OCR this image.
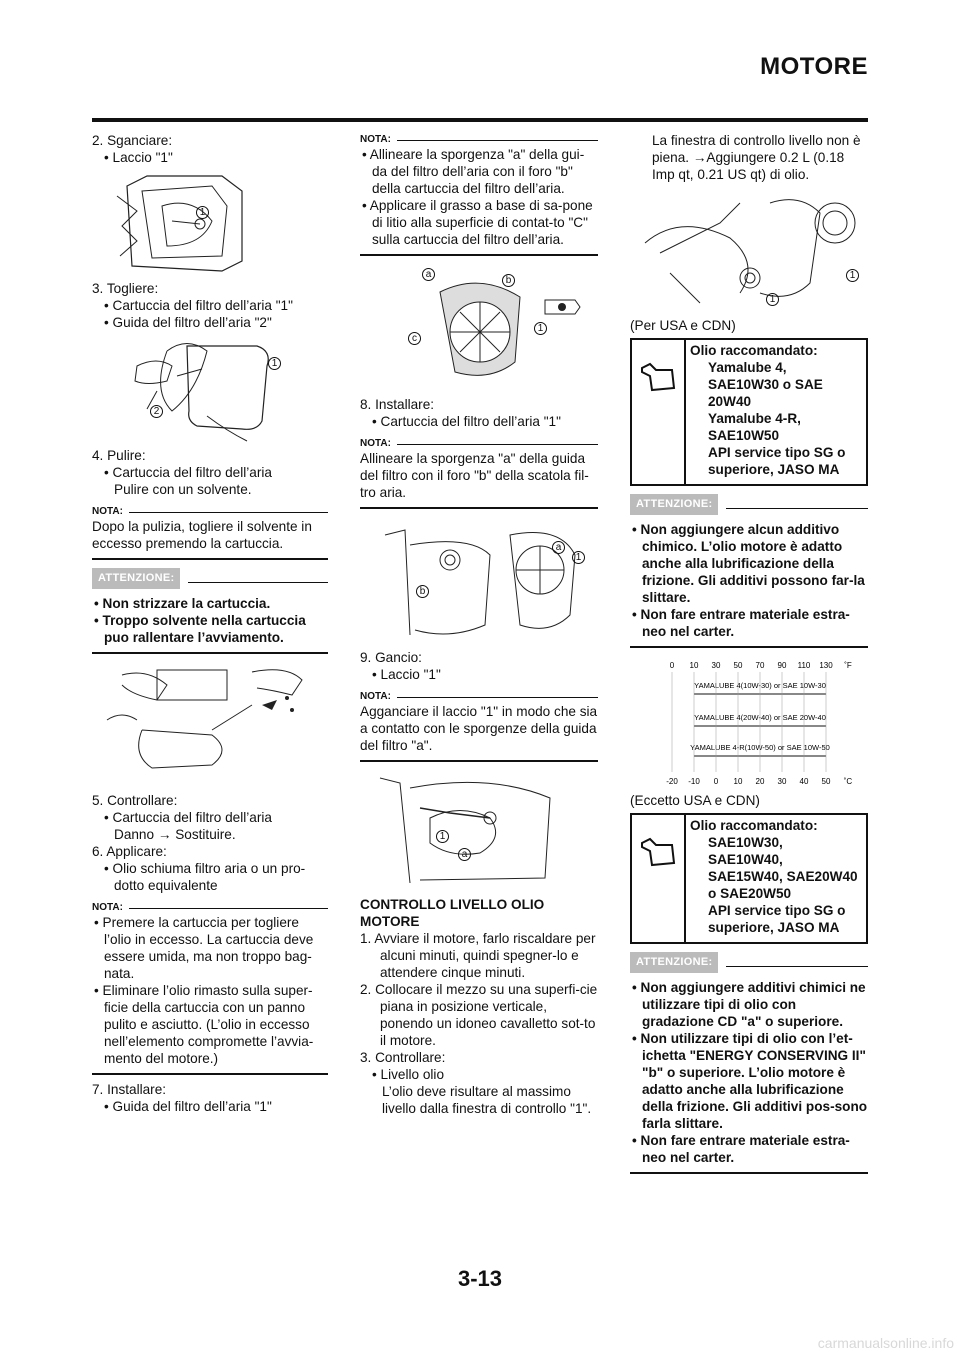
MOTORE

2. Sganciare:

• Laccio "1"

1

3. Togliere:

• Cartuccia del filtro dell’aria "1"

• Guida del filtro dell’aria "2"

1
2

4. Pulire:

• Cartuccia del filtro dell’aria

Pulire con un solvente.

NOTA:

Dopo la pulizia, togliere il solvente in eccesso premendo la cartuccia.

ATTENZIONE:

• Non strizzare la cartuccia.

• Troppo solvente nella cartuccia puo rallentare l’avviamento.

5. Controllare:

• Cartuccia del filtro dell’aria

Danno → Sostituire.

6. Applicare:

• Olio schiuma filtro aria o un pro-dotto equivalente

NOTA:

• Premere la cartuccia per togliere l’olio in eccesso. La cartuccia deve essere umida, ma non troppo bag-nata.

• Eliminare l’olio rimasto sulla super-ficie della cartuccia con un panno pulito e asciutto. (L’olio in eccesso nell’elemento compromette l’avvia-mento del motore.)

7. Installare:

• Guida del filtro dell’aria "1"

NOTA:

• Allineare la sporgenza "a" della gui-da del filtro dell’aria con il foro "b" della cartuccia del filtro dell’aria.

• Applicare il grasso a base di sa-pone di litio alla superficie di contat-to "C" sulla cartuccia del filtro dell’aria.

a
b
c
1

8. Installare:

• Cartuccia del filtro dell’aria "1"

NOTA:

Allineare la sporgenza "a" della guida del filtro con il foro "b" della scatola fil-tro aria.

a
1
b

9. Gancio:

• Laccio "1"

NOTA:

Agganciare il laccio "1" in modo che sia a contatto con le sporgenze della guida del filtro "a".

1
a

CONTROLLO LIVELLO OLIO MOTORE

1. Avviare il motore, farlo riscaldare per alcuni minuti, quindi spegner-lo e attendere cinque minuti.

2. Collocare il mezzo su una superfi-cie piana in posizione verticale, ponendo un idoneo cavalletto sot-to il motore.

3. Controllare:

• Livello olio

L’olio deve risultare al massimo livello dalla finestra di controllo "1".

La finestra di controllo livello non è piena. →Aggiungere 0.2 L (0.18 Imp qt, 0.21 US qt) di olio.

1
1

(Per USA e CDN)

Olio raccomandato:
Yamalube 4,
SAE10W30 o SAE
20W40
Yamalube 4-R,
SAE10W50
API service tipo SG o
superiore, JASO MA
ATTENZIONE:

• Non aggiungere alcun additivo chimico. L’olio motore è adatto anche alla lubrificazione della frizione. Gli additivi possono far-la slittare.

• Non fare entrare materiale estra-neo nel carter.

0 10 30 50 70 90 110 130 ˚F
-20 -10 0 10 20 30 40 50 ˚C
YAMALUBE 4(10W-30) or SAE 10W-30
YAMALUBE 4(20W-40) or SAE 20W-40
YAMALUBE 4-R(10W-50) or SAE 10W-50

(Eccetto USA e CDN)

Olio raccomandato:
SAE10W30,
SAE10W40,
SAE15W40, SAE20W40
o SAE20W50
API service tipo SG o
superiore, JASO MA
ATTENZIONE:

• Non aggiungere additivi chimici ne utilizzare tipi di olio con gradazione CD "a" o superiore.

• Non utilizzare tipi di olio con l’et-ichetta "ENERGY CONSERVING II" "b" o superiore. L’olio motore è adatto anche alla lubrificazione della frizione. Gli additivi pos-sono farla slittare.

• Non fare entrare materiale estra-neo nel carter.

3-13
carmanualsonline.info
